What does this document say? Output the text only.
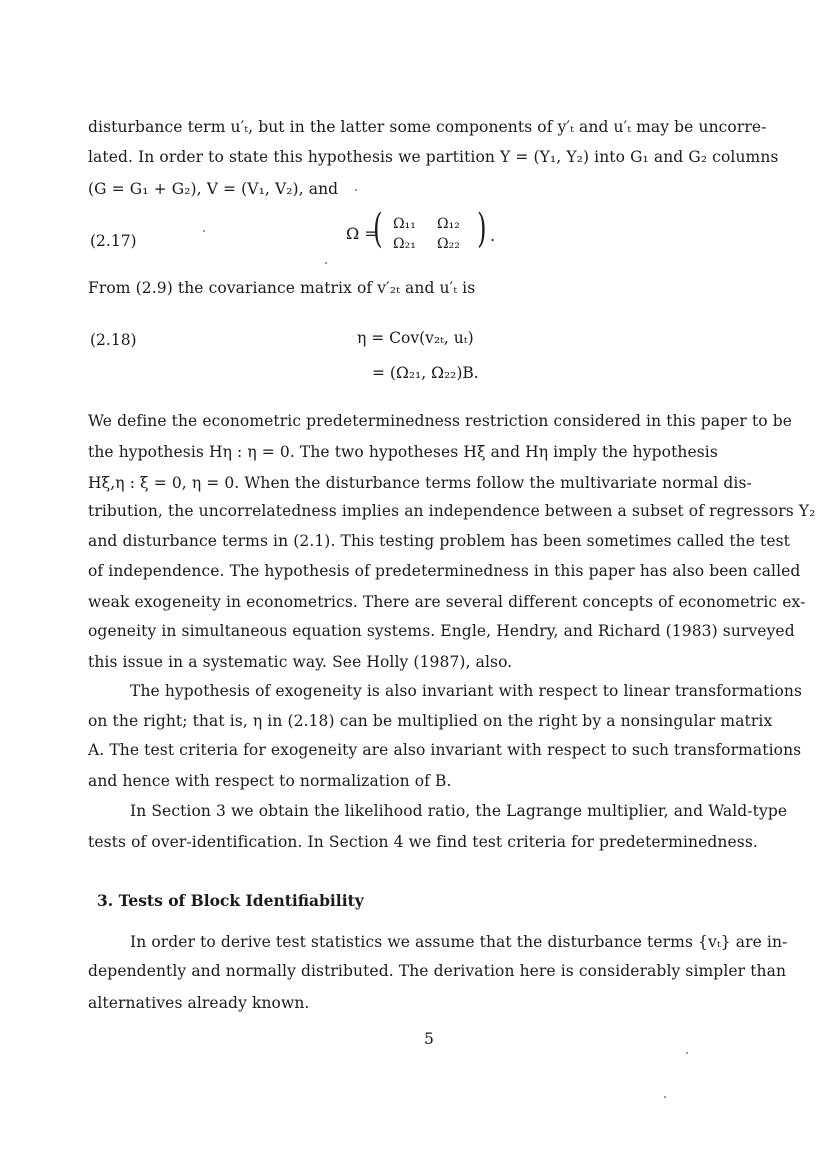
disturbance term u′ₜ, but in the latter some components of y′ₜ and u′ₜ may be uncorre-
lated. In order to state this hypothesis we partition Y = (Y₁, Y₂) into G₁ and G₂ columns
(G = G₁ + G₂), V = (V₁, V₂), and
(2.17)	Ω =
( Ω₁₁ Ω₁₂
Ω₂₁ Ω₂₂ ) .
From (2.9) the covariance matrix of v′₂ₜ and u′ₜ is
(2.18)	η = Cov(v₂ₜ, uₜ)
= (Ω₂₁, Ω₂₂)B.
We define the econometric predeterminedness restriction considered in this paper to be
the hypothesis Hη : η = 0. The two hypotheses Hξ and Hη imply the hypothesis
Hξ,η : ξ = 0, η = 0. When the disturbance terms follow the multivariate normal dis-
tribution, the uncorrelatedness implies an independence between a subset of regressors Y₂
and disturbance terms in (2.1). This testing problem has been sometimes called the test
of independence. The hypothesis of predeterminedness in this paper has also been called
weak exogeneity in econometrics. There are several different concepts of econometric ex-
ogeneity in simultaneous equation systems. Engle, Hendry, and Richard (1983) surveyed
this issue in a systematic way. See Holly (1987), also.
The hypothesis of exogeneity is also invariant with respect to linear transformations
on the right; that is, η in (2.18) can be multiplied on the right by a nonsingular matrix
A. The test criteria for exogeneity are also invariant with respect to such transformations
and hence with respect to normalization of B.
In Section 3 we obtain the likelihood ratio, the Lagrange multiplier, and Wald-type
tests of over-identification. In Section 4 we find test criteria for predeterminedness.
3. Tests of Block Identifiability
In order to derive test statistics we assume that the disturbance terms {vₜ} are in-
dependently and normally distributed. The derivation here is considerably simpler than
alternatives already known.
5
